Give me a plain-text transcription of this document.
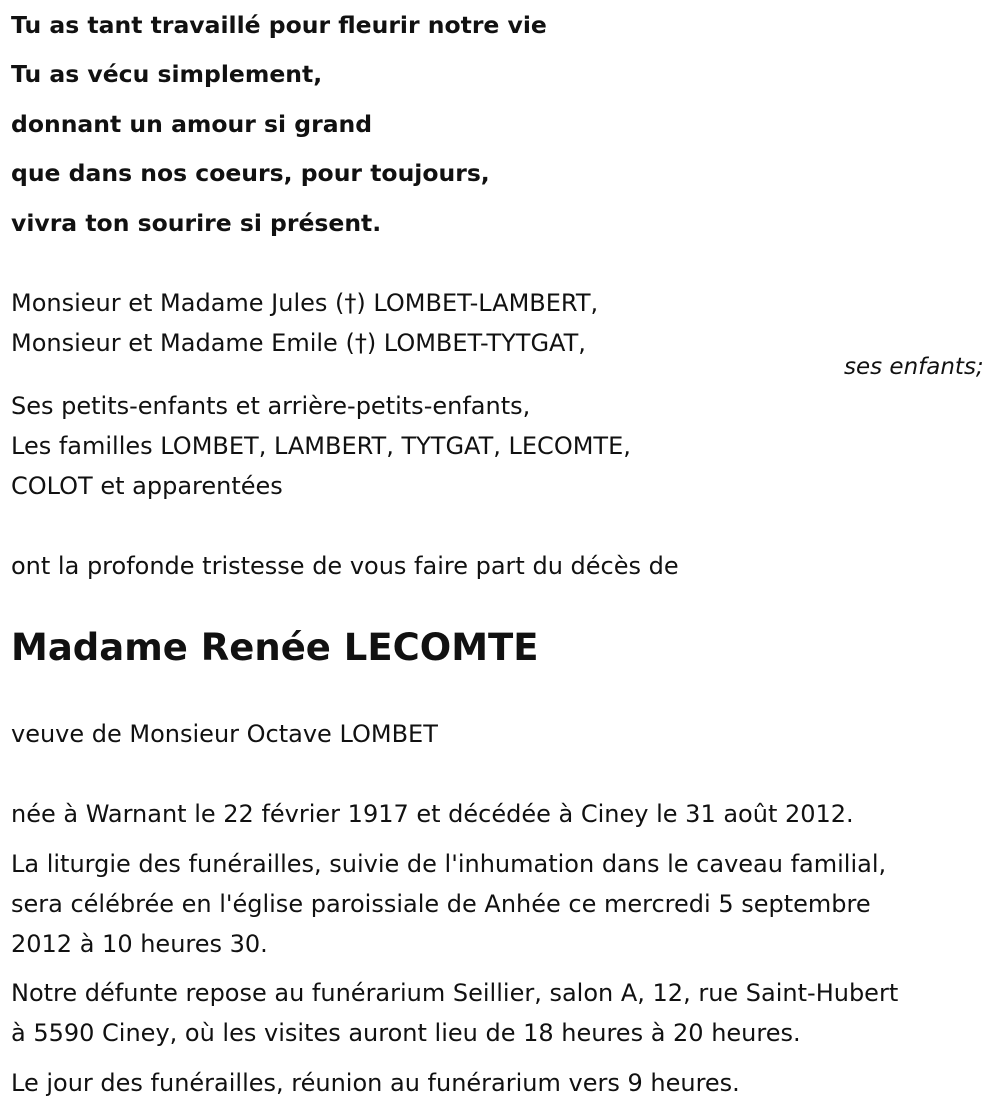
Tu as tant travaillé pour fleurir notre vie
Tu as vécu simplement,
donnant un amour si grand
que dans nos coeurs, pour toujours,
vivra ton sourire si présent.
Monsieur et Madame Jules (†) LOMBET-LAMBERT,
Monsieur et Madame Emile (†) LOMBET-TYTGAT,
ses enfants;
Ses petits-enfants et arrière-petits-enfants,
Les familles LOMBET, LAMBERT, TYTGAT, LECOMTE,
COLOT et apparentées
ont la profonde tristesse de vous faire part du décès de
Madame Renée LECOMTE
veuve de Monsieur Octave LOMBET
née à Warnant le 22 février 1917 et décédée à Ciney le 31 août 2012.
La liturgie des funérailles, suivie de l'inhumation dans le caveau familial,
sera célébrée en l'église paroissiale de Anhée ce mercredi 5 septembre
2012 à 10 heures 30.
Notre défunte repose au funérarium Seillier, salon A, 12, rue Saint-Hubert
à 5590 Ciney, où les visites auront lieu de 18 heures à 20 heures.
Le jour des funérailles, réunion au funérarium vers 9 heures.
